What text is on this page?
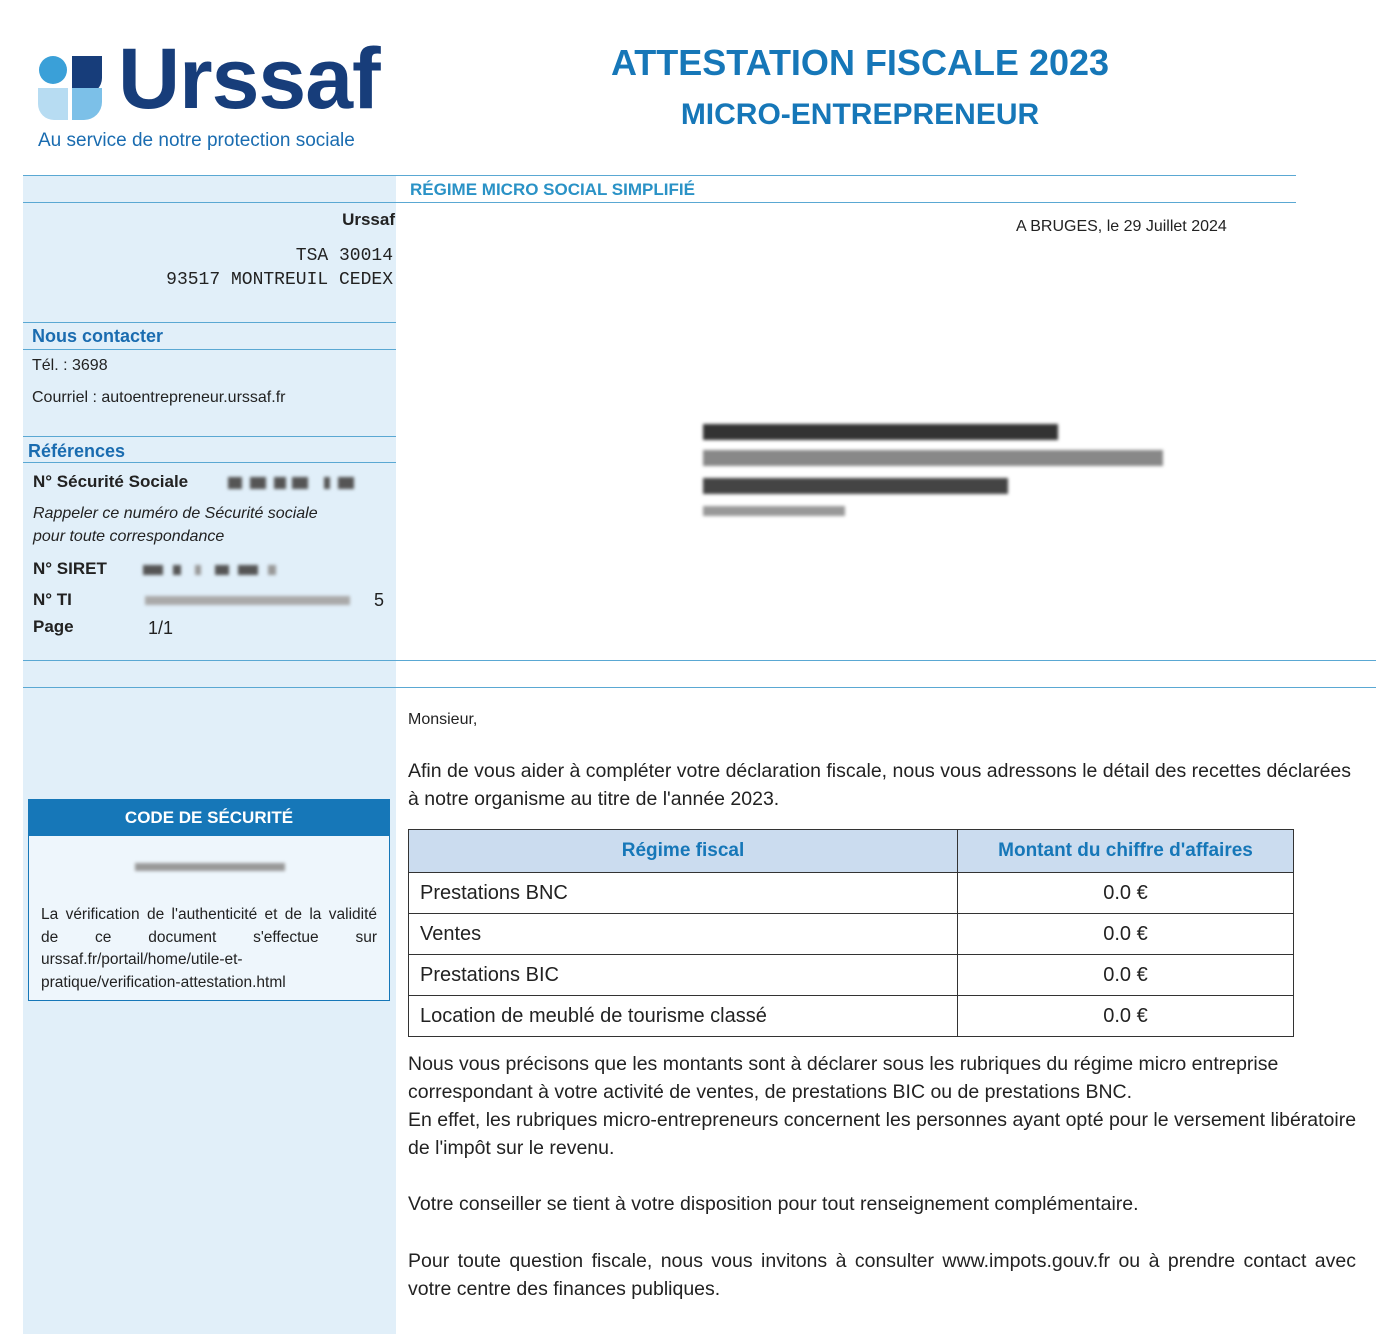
Urssaf
Au service de notre protection sociale
ATTESTATION FISCALE 2023
MICRO-ENTREPRENEUR
RÉGIME MICRO SOCIAL SIMPLIFIÉ
Urssaf
TSA 30014
93517 MONTREUIL CEDEX
A BRUGES, le 29 Juillet 2024
Nous contacter
Tél. : 3698
Courriel : autoentrepreneur.urssaf.fr
Références
N° Sécurité Sociale
Rappeler ce numéro de Sécurité sociale
pour toute correspondance
N° SIRET
N° TI	5
Page	1/1
CODE DE SÉCURITÉ
La vérification de l'authenticité et de la validité de ce document s'effectue sur urssaf.fr/portail/home/utile-et-pratique/verification-attestation.html
Monsieur,
Afin de vous aider à compléter votre déclaration fiscale, nous vous adressons le détail des recettes déclarées à notre organisme au titre de l'année 2023.
Régime fiscal	Montant du chiffre d'affaires
Prestations BNC	0.0 €
Ventes	0.0 €
Prestations BIC	0.0 €
Location de meublé de tourisme classé	0.0 €
Nous vous précisons que les montants sont à déclarer sous les rubriques du régime micro entreprise correspondant à votre activité de ventes, de prestations BIC ou de prestations BNC.
En effet, les rubriques micro-entrepreneurs concernent les personnes ayant opté pour le versement libératoire de l'impôt sur le revenu.
Votre conseiller se tient à votre disposition pour tout renseignement complémentaire.
Pour toute question fiscale, nous vous invitons à consulter www.impots.gouv.fr ou à prendre contact avec votre centre des finances publiques.
